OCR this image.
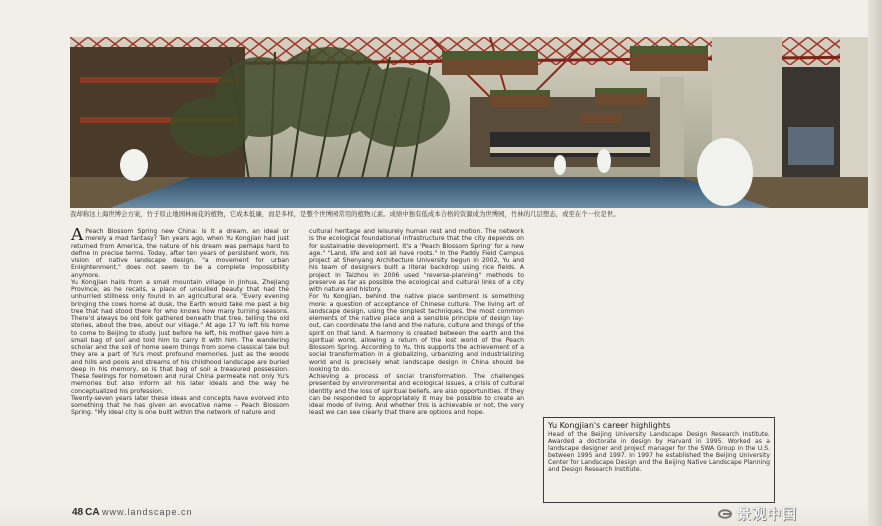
我却称这上海世博会方案，竹子原止地园林雨花的植物，它成本低廉，而是多样，是整个世博园常用的植物元素。成绩中独有低成本合格的资源成为世博园，竹林的几层塑态，或至在个一位是世。
A Peach Blossom Spring new China: is it a dream, an ideal or merely a mad fantasy? Ten years ago, when Yu Kongjian had just returned from America, the nature of his dream was perhaps hard to define in precise terms. Today, after ten years of persistent work, his vision of native landscape design, "a movement for urban Enlightenment," does not seem to be a complete impossibility anymore.

Yu Kongjian hails from a small mountain village in Jinhua, Zhejiang Province; as he recalls, a place of unsullied beauty that had the unhurried stillness only found in an agricultural era. "Every evening bringing the cows home at dusk, the Earth would take me past a big tree that had stood there for who knows how many turning seasons. There'd always be old folk gathered beneath that tree, telling the old stories, about the tree, about our village." At age 17 Yu left his home to come to Beijing to study. Just before he left, his mother gave him a small bag of soil and told him to carry it with him. The wandering scholar and the soil of home seem things from some classical tale but they are a part of Yu's most profound memories. Just as the woods and hills and pools and streams of his childhood landscape are buried deep in his memory, so is that bag of soil a treasured possession. These feelings for hometown and rural China permeate not only Yu's memories but also inform all his later ideals and the way he conceptualized his profession.

Twenty-seven years later these ideas and concepts have evolved into something that he has given an evocative name – Peach Blossom Spring. "My ideal city is one built within the network of nature and

cultural heritage and leisurely human rest and motion. The network is the ecological foundational infrastructure that the city depends on for sustainable development. It's a 'Peach Blossom Spring' for a new age." "Land, life and soil all have roots." In the Paddy Field Campus project at Shenyang Architecture University begun in 2002, Yu and his team of designers built a literal backdrop using rice fields. A project in Taizhou in 2006 used "reverse-planning" methods to preserve as far as possible the ecological and cultural links of a city with nature and history.

For Yu Kongjian, behind the native place sentiment is something more: a question of acceptance of Chinese culture. The living art of landscape design, using the simplest techniques, the most common elements of the native place and a sensible principle of design lay-out, can coordinate the land and the nature, culture and things of the spirit on that land. A harmony is created between the earth and the spiritual world, allowing a return of the lost world of the Peach Blossom Spring. According to Yu, this supports the achievement of a social transformation in a globalizing, urbanizing and industrializing world and is precisely what landscape design in China should be looking to do.

Achieving a process of social transformation. The challenges presented by environmental and ecological issues, a crisis of cultural identity and the loss of spiritual beliefs, are also opportunities. If they can be responded to appropriately it may be possible to create an ideal mode of living. And whether this is achievable or not, the very least we can see clearly that there are options and hope.

Yu Kongjian's career highlights
Head of the Beijing University Landscape Design Research Institute. Awarded a doctorate in design by Harvard in 1995. Worked as a landscape designer and project manager for the SWA Group in the U.S. between 1995 and 1997. In 1997 he established the Beijing University Center for Landscape Design and the Beijing Native Landscape Planning and Design Research Institute.
48 CA www.landscape.cn	景观中国
